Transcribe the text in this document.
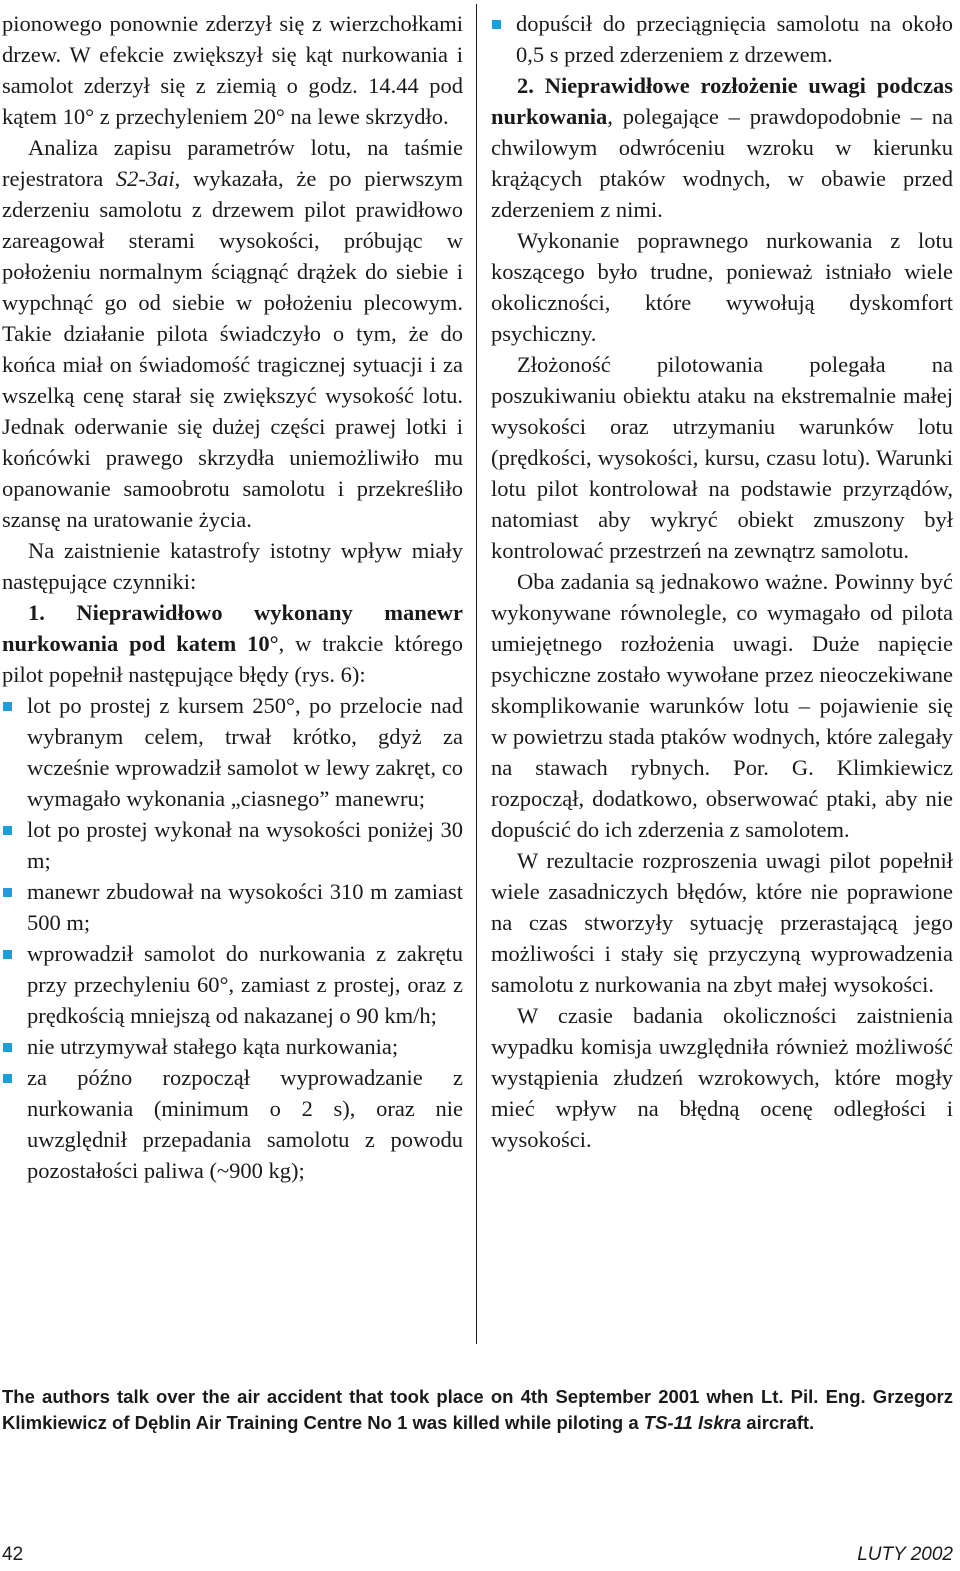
pionowego ponownie zderzył się z wierzchołkami drzew. W efekcie zwiększył się kąt nurkowania i samolot zderzył się z ziemią o godz. 14.44 pod kątem 10° z przechyleniem 20° na lewe skrzydło.

Analiza zapisu parametrów lotu, na taśmie rejestratora S2-3ai, wykazała, że po pierwszym zderzeniu samolotu z drzewem pilot prawidłowo zareagował sterami wysokości, próbując w położeniu normalnym ściągnąć drążek do siebie i wypchnąć go od siebie w położeniu plecowym. Takie działanie pilota świadczyło o tym, że do końca miał on świadomość tragicznej sytuacji i za wszelką cenę starał się zwiększyć wysokość lotu. Jednak oderwanie się dużej części prawej lotki i końcówki prawego skrzydła uniemożliwiło mu opanowanie samoobrotu samolotu i przekreśliło szansę na uratowanie życia.

Na zaistnienie katastrofy istotny wpływ miały następujące czynniki:

1. Nieprawidłowo wykonany manewr nurkowania pod katem 10°, w trakcie którego pilot popełnił następujące błędy (rys. 6):

lot po prostej z kursem 250°, po przelocie nad wybranym celem, trwał krótko, gdyż za wcześnie wprowadził samolot w lewy zakręt, co wymagało wykonania „ciasnego” manewru;
lot po prostej wykonał na wysokości poniżej 30 m;
manewr zbudował na wysokości 310 m zamiast 500 m;
wprowadził samolot do nurkowania z zakrętu przy przechyleniu 60°, zamiast z prostej, oraz z prędkością mniejszą od nakazanej o 90 km/h;
nie utrzymywał stałego kąta nurkowania;
za późno rozpoczął wyprowadzanie z nurkowania (minimum o 2 s), oraz nie uwzględnił przepadania samolotu z powodu pozostałości paliwa (~900 kg);
dopuścił do przeciągnięcia samolotu na około 0,5 s przed zderzeniem z drzewem.

2. Nieprawidłowe rozłożenie uwagi podczas nurkowania, polegające – prawdopodobnie – na chwilowym odwróceniu wzroku w kierunku krążących ptaków wodnych, w obawie przed zderzeniem z nimi.

Wykonanie poprawnego nurkowania z lotu koszącego było trudne, ponieważ istniało wiele okoliczności, które wywołują dyskomfort psychiczny.

Złożoność pilotowania polegała na poszukiwaniu obiektu ataku na ekstremalnie małej wysokości oraz utrzymaniu warunków lotu (prędkości, wysokości, kursu, czasu lotu). Warunki lotu pilot kontrolował na podstawie przyrządów, natomiast aby wykryć obiekt zmuszony był kontrolować przestrzeń na zewnątrz samolotu.

Oba zadania są jednakowo ważne. Powinny być wykonywane równolegle, co wymagało od pilota umiejętnego rozłożenia uwagi. Duże napięcie psychiczne zostało wywołane przez nieoczekiwane skomplikowanie warunków lotu – pojawienie się w powietrzu stada ptaków wodnych, które zalegały na stawach rybnych. Por. G. Klimkiewicz rozpoczął, dodatkowo, obserwować ptaki, aby nie dopuścić do ich zderzenia z samolotem.

W rezultacie rozproszenia uwagi pilot popełnił wiele zasadniczych błędów, które nie poprawione na czas stworzyły sytuację przerastającą jego możliwości i stały się przyczyną wyprowadzenia samolotu z nurkowania na zbyt małej wysokości.

W czasie badania okoliczności zaistnienia wypadku komisja uwzględniła również możliwość wystąpienia złudzeń wzrokowych, które mogły mieć wpływ na błędną ocenę odległości i wysokości.

The authors talk over the air accident that took place on 4th September 2001 when Lt. Pil. Eng. Grzegorz Klimkiewicz of Dęblin Air Training Centre No 1 was killed while piloting a TS-11 Iskra aircraft.
42	LUTY 2002
